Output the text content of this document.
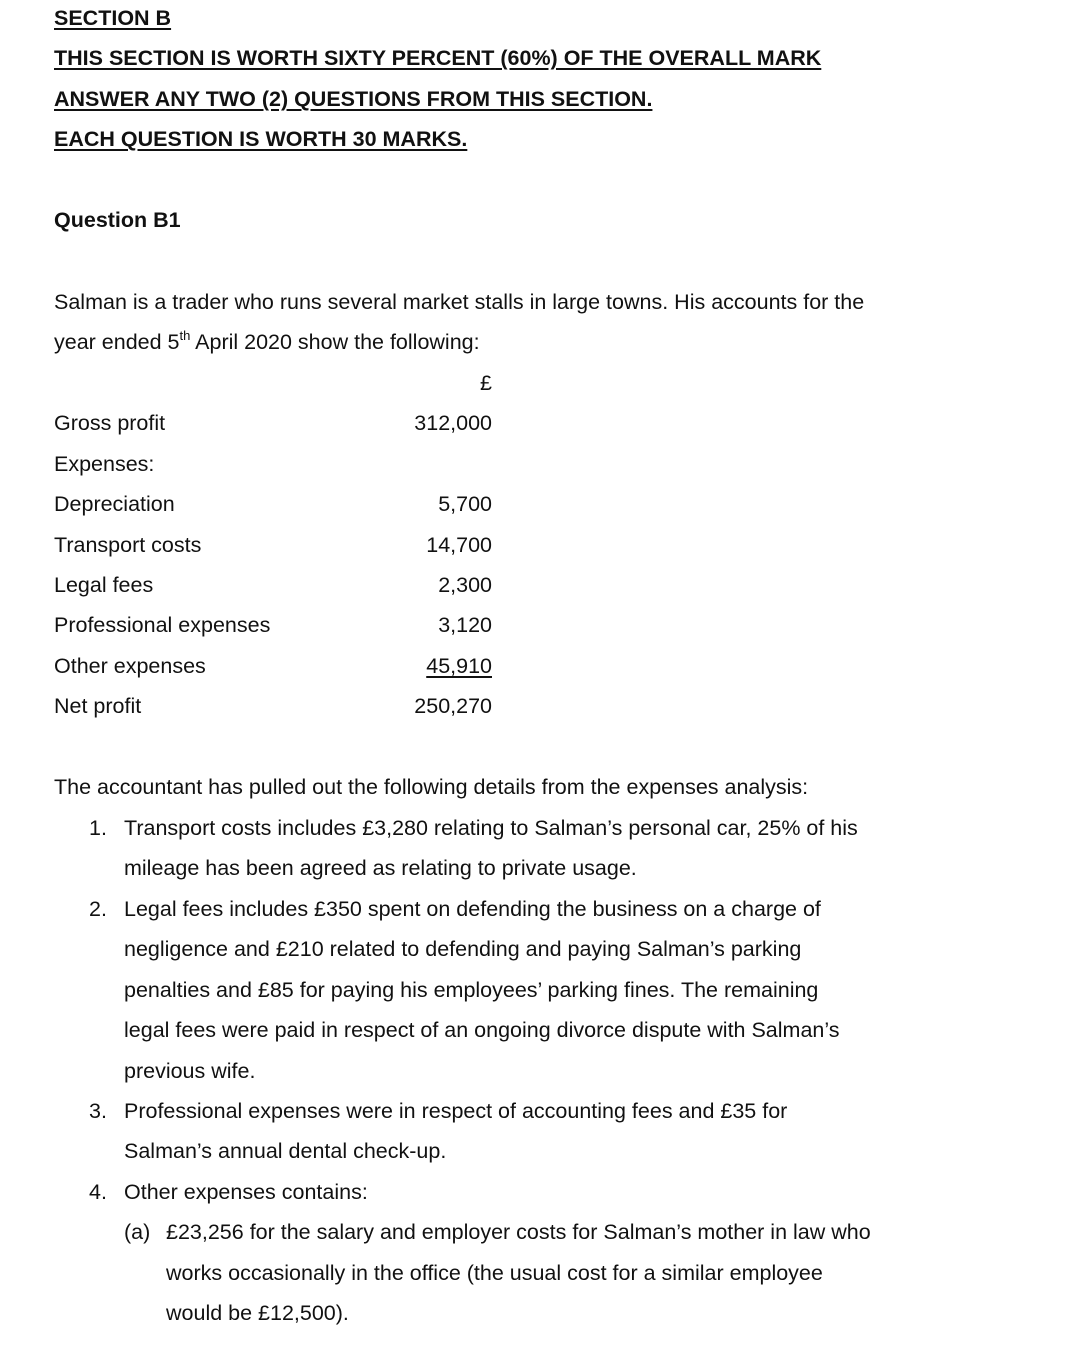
SECTION B
THIS SECTION IS WORTH SIXTY PERCENT (60%) OF THE OVERALL MARK
ANSWER ANY TWO (2) QUESTIONS FROM THIS SECTION.
EACH QUESTION IS WORTH 30 MARKS.
Question B1
Salman is a trader who runs several market stalls in large towns. His accounts for the
year ended 5th April 2020 show the following:
£
Gross profit	312,000
Expenses:
Depreciation	5,700
Transport costs	14,700
Legal fees	2,300
Professional expenses	3,120
Other expenses	45,910
Net profit	250,270
The accountant has pulled out the following details from the expenses analysis:
1. Transport costs includes £3,280 relating to Salman’s personal car, 25% of his
mileage has been agreed as relating to private usage.
2. Legal fees includes £350 spent on defending the business on a charge of
negligence and £210 related to defending and paying Salman’s parking
penalties and £85 for paying his employees’ parking fines. The remaining
legal fees were paid in respect of an ongoing divorce dispute with Salman’s
previous wife.
3. Professional expenses were in respect of accounting fees and £35 for
Salman’s annual dental check-up.
4. Other expenses contains:
(a) £23,256 for the salary and employer costs for Salman’s mother in law who
works occasionally in the office (the usual cost for a similar employee
would be £12,500).
